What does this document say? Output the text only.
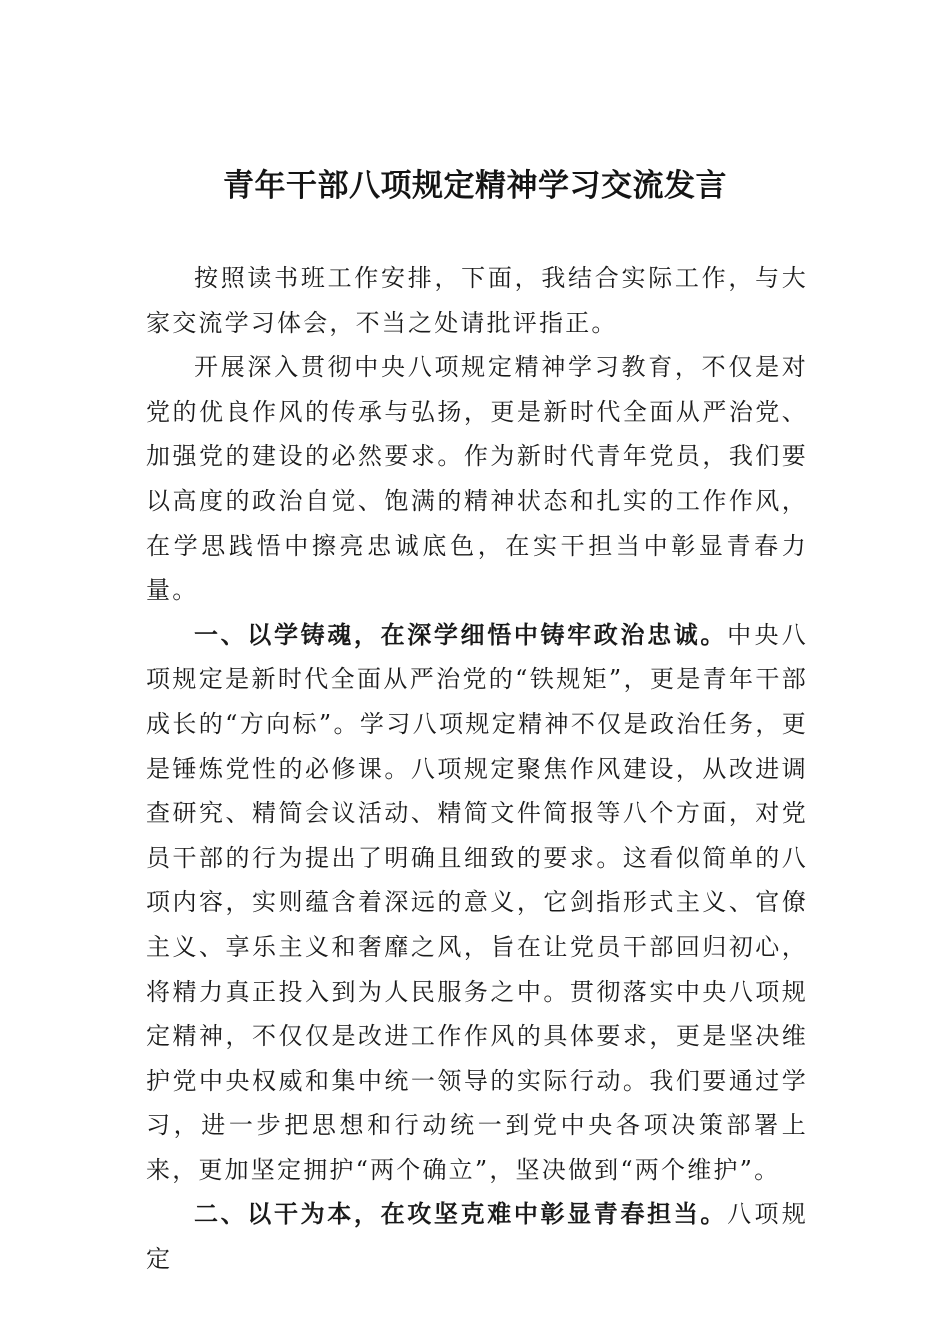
青年干部八项规定精神学习交流发言

按照读书班工作安排，下面，我结合实际工作，与大家交流学习体会，不当之处请批评指正。

开展深入贯彻中央八项规定精神学习教育，不仅是对党的优良作风的传承与弘扬，更是新时代全面从严治党、加强党的建设的必然要求。作为新时代青年党员，我们要以高度的政治自觉、饱满的精神状态和扎实的工作作风，在学思践悟中擦亮忠诚底色，在实干担当中彰显青春力量。

一、以学铸魂，在深学细悟中铸牢政治忠诚。中央八项规定是新时代全面从严治党的“铁规矩”，更是青年干部成长的“方向标”。学习八项规定精神不仅是政治任务，更是锤炼党性的必修课。八项规定聚焦作风建设，从改进调查研究、精简会议活动、精简文件简报等八个方面，对党员干部的行为提出了明确且细致的要求。这看似简单的八项内容，实则蕴含着深远的意义，它剑指形式主义、官僚主义、享乐主义和奢靡之风，旨在让党员干部回归初心，将精力真正投入到为人民服务之中。贯彻落实中央八项规定精神，不仅仅是改进工作作风的具体要求，更是坚决维护党中央权威和集中统一领导的实际行动。我们要通过学习，进一步把思想和行动统一到党中央各项决策部署上来，更加坚定拥护“两个确立”，坚决做到“两个维护”。

二、以干为本，在攻坚克难中彰显青春担当。八项规定
